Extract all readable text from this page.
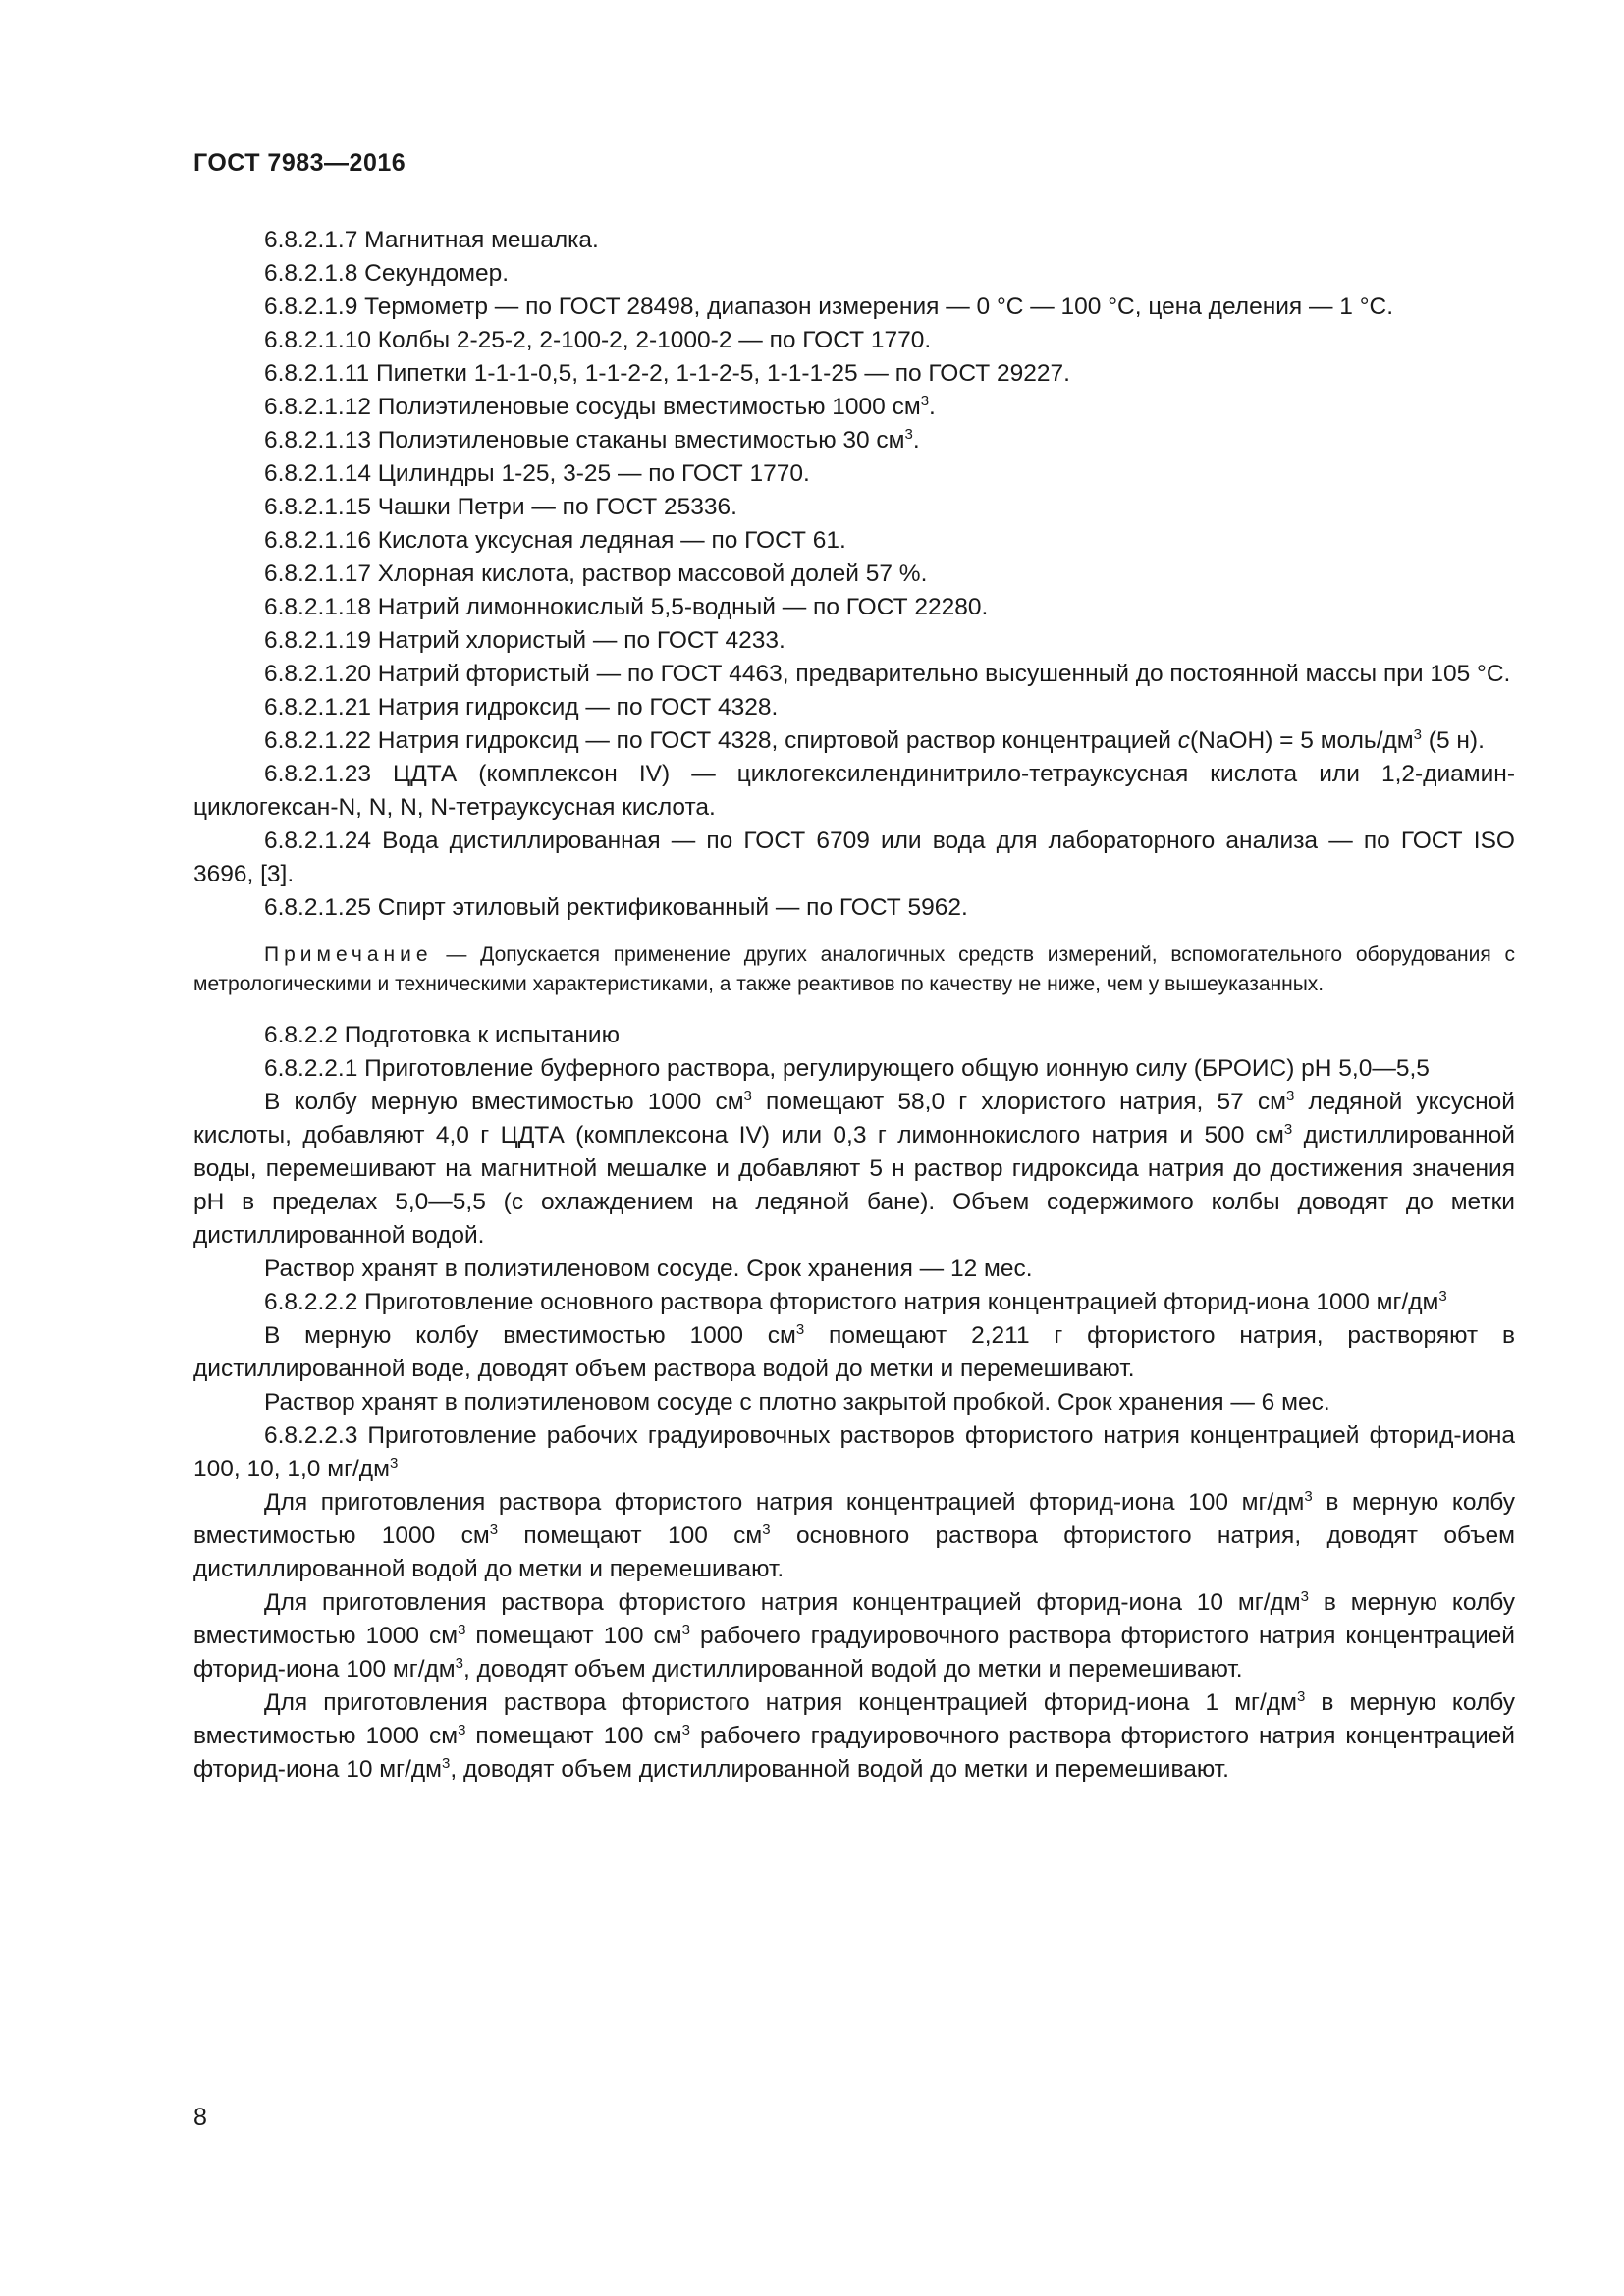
ГОСТ 7983—2016

6.8.2.1.7 Магнитная мешалка.

6.8.2.1.8 Секундомер.

6.8.2.1.9 Термометр — по ГОСТ 28498, диапазон измерения — 0 °С — 100 °С, цена деления — 1 °С.

6.8.2.1.10 Колбы 2-25-2, 2-100-2, 2-1000-2 — по ГОСТ 1770.

6.8.2.1.11 Пипетки 1-1-1-0,5, 1-1-2-2, 1-1-2-5, 1-1-1-25 — по ГОСТ 29227.

6.8.2.1.12 Полиэтиленовые сосуды вместимостью 1000 $см^3$.

6.8.2.1.13 Полиэтиленовые стаканы вместимостью 30 $см^3$.

6.8.2.1.14 Цилиндры 1-25, 3-25 — по ГОСТ 1770.

6.8.2.1.15 Чашки Петри — по ГОСТ 25336.

6.8.2.1.16 Кислота уксусная ледяная — по ГОСТ 61.

6.8.2.1.17 Хлорная кислота, раствор массовой долей 57 %.

6.8.2.1.18 Натрий лимоннокислый 5,5-водный — по ГОСТ 22280.

6.8.2.1.19 Натрий хлористый — по ГОСТ 4233.

6.8.2.1.20 Натрий фтористый — по ГОСТ 4463, предварительно высушенный до постоянной массы при 105 °С.

6.8.2.1.21 Натрия гидроксид — по ГОСТ 4328.

6.8.2.1.22 Натрия гидроксид — по ГОСТ 4328, спиртовой раствор концентрацией c(NaOH) = 5 моль/$дм^3$ (5 н).

6.8.2.1.23 ЦДТА (комплексон IV) — циклогексилендинитрило-тетрауксусная кислота или 1,2-диамин-циклогексан-N, N, N, N-тетрауксусная кислота.

6.8.2.1.24 Вода дистиллированная — по ГОСТ 6709 или вода для лабораторного анализа — по ГОСТ ISO 3696, [3].

6.8.2.1.25 Спирт этиловый ректификованный — по ГОСТ 5962.

Примечание — Допускается применение других аналогичных средств измерений, вспомогательного оборудования с метрологическими и техническими характеристиками, а также реактивов по качеству не ниже, чем у вышеуказанных.

6.8.2.2 Подготовка к испытанию

6.8.2.2.1 Приготовление буферного раствора, регулирующего общую ионную силу (БРОИС) рН 5,0—5,5

В колбу мерную вместимостью 1000 $см^3$ помещают 58,0 г хлористого натрия, 57 $см^3$ ледяной уксусной кислоты, добавляют 4,0 г ЦДТА (комплексона IV) или 0,3 г лимоннокислого натрия и 500 $см^3$ дистиллированной воды, перемешивают на магнитной мешалке и добавляют 5 н раствор гидроксида натрия до достижения значения рН в пределах 5,0—5,5 (с охлаждением на ледяной бане). Объем содержимого колбы доводят до метки дистиллированной водой.

Раствор хранят в полиэтиленовом сосуде. Срок хранения — 12 мес.

6.8.2.2.2 Приготовление основного раствора фтористого натрия концентрацией фторид-иона 1000 $мг/дм^3$

В мерную колбу вместимостью 1000 $см^3$ помещают 2,211 г фтористого натрия, растворяют в дистиллированной воде, доводят объем раствора водой до метки и перемешивают.

Раствор хранят в полиэтиленовом сосуде с плотно закрытой пробкой. Срок хранения — 6 мес.

6.8.2.2.3 Приготовление рабочих градуировочных растворов фтористого натрия концентрацией фторид-иона 100, 10, 1,0 $мг/дм^3$

Для приготовления раствора фтористого натрия концентрацией фторид-иона 100 $мг/дм^3$ в мерную колбу вместимостью 1000 $см^3$ помещают 100 $см^3$ основного раствора фтористого натрия, доводят объем дистиллированной водой до метки и перемешивают.

Для приготовления раствора фтористого натрия концентрацией фторид-иона 10 $мг/дм^3$ в мерную колбу вместимостью 1000 $см^3$ помещают 100 $см^3$ рабочего градуировочного раствора фтористого натрия концентрацией фторид-иона 100 $мг/дм^3$, доводят объем дистиллированной водой до метки и перемешивают.

Для приготовления раствора фтористого натрия концентрацией фторид-иона 1 $мг/дм^3$ в мерную колбу вместимостью 1000 $см^3$ помещают 100 $см^3$ рабочего градуировочного раствора фтористого натрия концентрацией фторид-иона 10 $мг/дм^3$, доводят объем дистиллированной водой до метки и перемешивают.

8
